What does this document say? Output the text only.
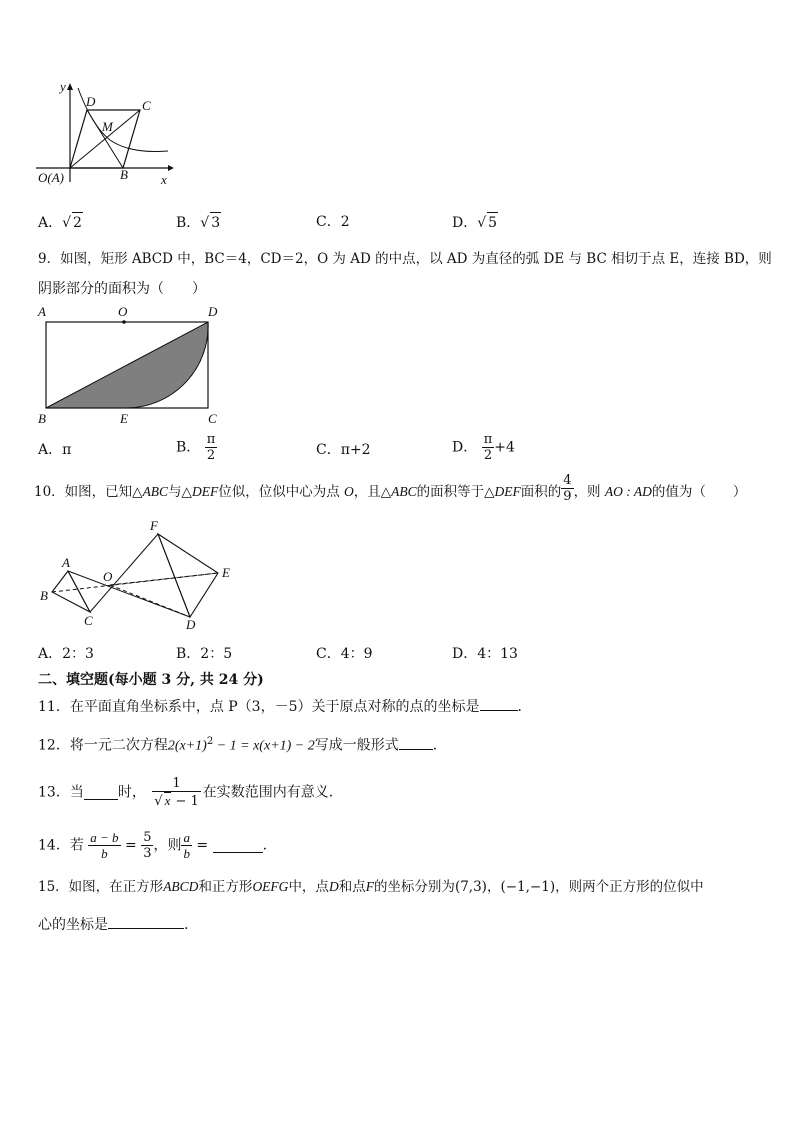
y
D	C
M
B	x
O(A)
A．√ 2	B．√ 3	C．2	D．√ 5
9．如图，矩形 ABCD 中，BC＝4，CD＝2，O 为 AD 的中点，以 AD 为直径的弧 DE 与 BC 相切于点 E，连接 BD，则
阴影部分的面积为（　　）
A	O	D
B	E	C
A．π	B． $\frac{\pi}{2}$	C．π+2	D． $\frac{\pi}{2} +4$
10．如图，已知△ABC与△DEF位似，位似中心为点 O，且△ABC的面积等于△DEF面积的 $\frac{4}{9}$ ，则 AO : AD的值为（　　）
F
A
O	E
B
C	D
A．2：3	B．2：5	C．4：9	D．4：13
二、填空题(每小题 3 分, 共 24 分)
11．在平面直角坐标系中，点 P（3，－5）关于原点对称的点的坐标是	．
12．将一元二次方程$2(x+1)^2 - 1 = x(x+1) - 2$写成一般形式 ．
13．当 时， $\frac{1}{√ x - 1}$ 在实数范围内有意义．
14．若 $\frac{a - b}{b} = \frac{5}{3}$ ，则 $\frac{a}{b}$ =	.
15．如图，在正方形ABCD和正方形OEFG中，点D和点F的坐标分别为(7,3)，(−1,−1)，则两个正方形的位似中
心的坐标是	.
